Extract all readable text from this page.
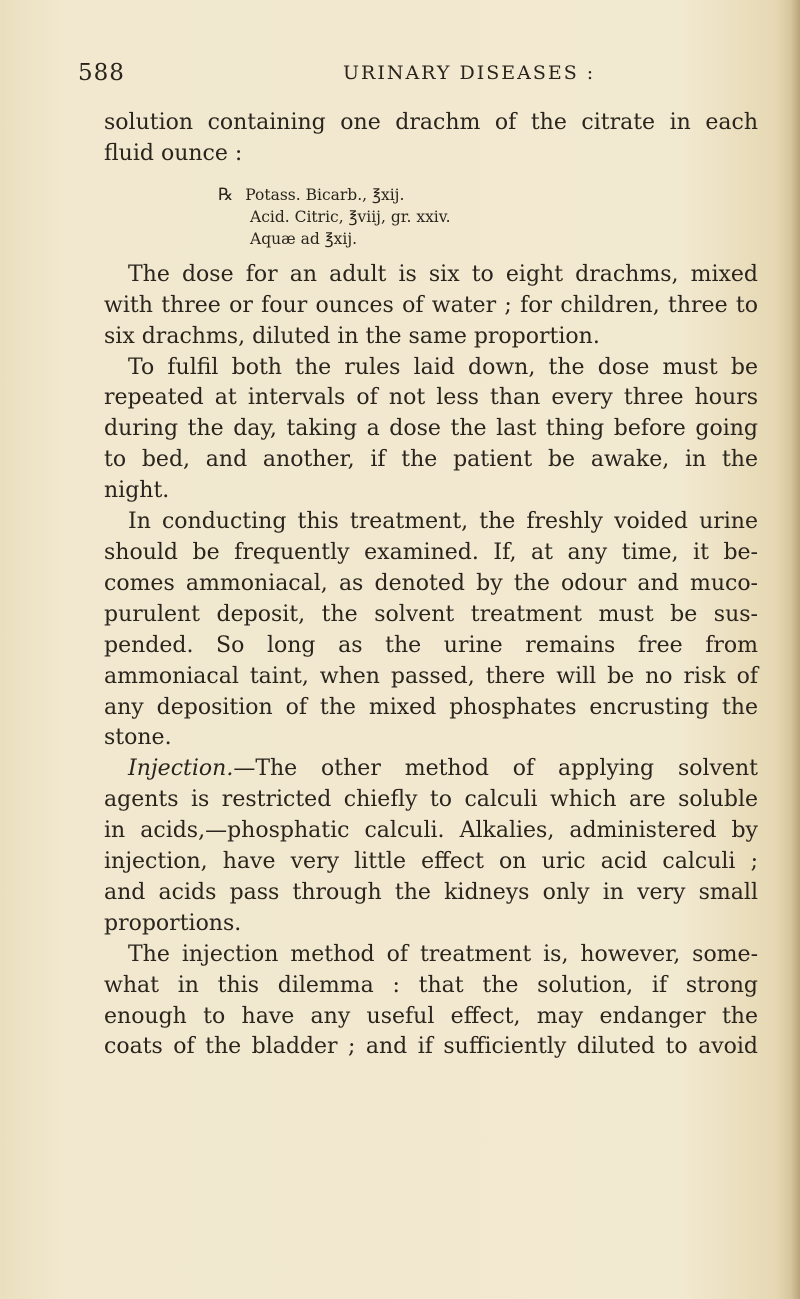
588	URINARY DISEASES :
solution containing one drachm of the citrate in each
fluid ounce :
℞ Potass. Bicarb., ℥xij.
Acid. Citric, ℥viij, gr. xxiv.
Aquæ ad ℥xij.
The dose for an adult is six to eight drachms, mixed
with three or four ounces of water ; for children, three to
six drachms, diluted in the same proportion.
To fulfil both the rules laid down, the dose must be
repeated at intervals of not less than every three hours
during the day, taking a dose the last thing before going
to bed, and another, if the patient be awake, in the
night.
In conducting this treatment, the freshly voided urine
should be frequently examined. If, at any time, it be-
comes ammoniacal, as denoted by the odour and muco-
purulent deposit, the solvent treatment must be sus-
pended. So long as the urine remains free from
ammoniacal taint, when passed, there will be no risk of
any deposition of the mixed phosphates encrusting the
stone.
Injection.—The other method of applying solvent
agents is restricted chiefly to calculi which are soluble
in acids,—phosphatic calculi. Alkalies, administered by
injection, have very little effect on uric acid calculi ;
and acids pass through the kidneys only in very small
proportions.
The injection method of treatment is, however, some-
what in this dilemma : that the solution, if strong
enough to have any useful effect, may endanger the
coats of the bladder ; and if sufficiently diluted to avoid
